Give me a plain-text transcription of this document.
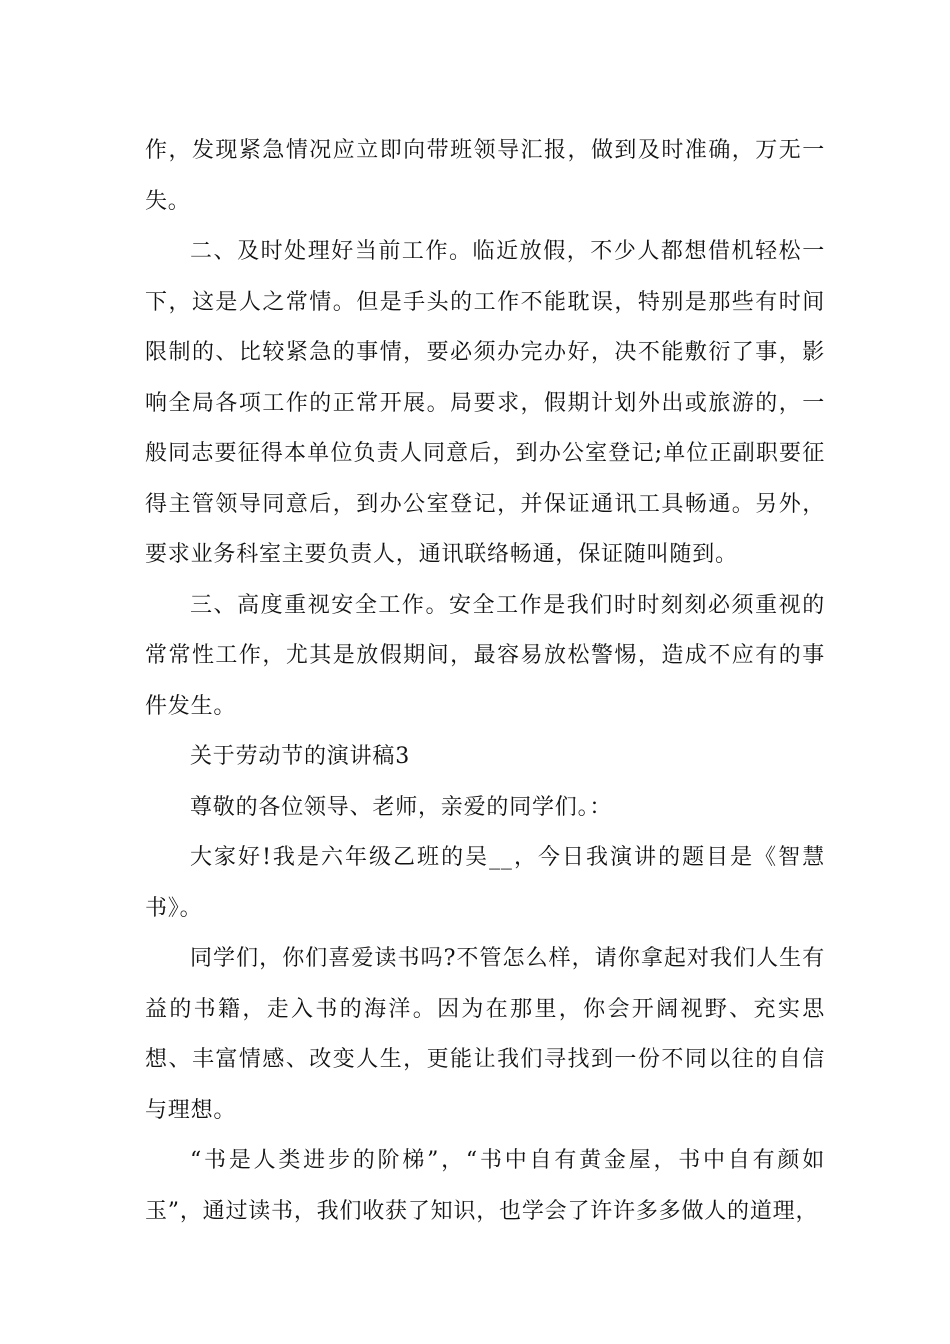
作，发现紧急情况应立即向带班领导汇报，做到及时准确，万无一失。

二、及时处理好当前工作。临近放假，不少人都想借机轻松一下，这是人之常情。但是手头的工作不能耽误，特别是那些有时间限制的、比较紧急的事情，要必须办完办好，决不能敷衍了事，影响全局各项工作的正常开展。局要求，假期计划外出或旅游的，一般同志要征得本单位负责人同意后，到办公室登记;单位正副职要征得主管领导同意后，到办公室登记，并保证通讯工具畅通。另外，要求业务科室主要负责人，通讯联络畅通，保证随叫随到。

三、高度重视安全工作。安全工作是我们时时刻刻必须重视的常常性工作，尤其是放假期间，最容易放松警惕，造成不应有的事件发生。

关于劳动节的演讲稿3

尊敬的各位领导、老师，亲爱的同学们。：

大家好!我是六年级乙班的吴__，今日我演讲的题目是《智慧书》。

同学们，你们喜爱读书吗?不管怎么样，请你拿起对我们人生有益的书籍，走入书的海洋。因为在那里，你会开阔视野、充实思想、丰富情感、改变人生，更能让我们寻找到一份不同以往的自信与理想。

“书是人类进步的阶梯”，“书中自有黄金屋，书中自有颜如玉”，通过读书，我们收获了知识，也学会了许许多多做人的道理，
